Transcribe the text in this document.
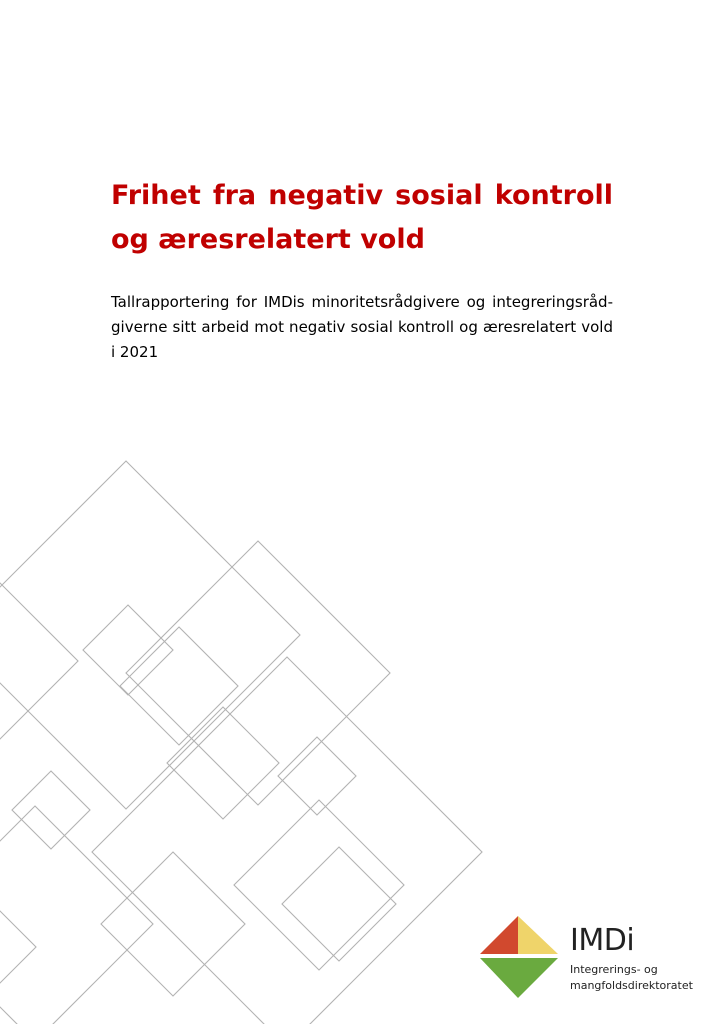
Frihet fra negativ sosial kontroll og æresrelatert vold

Tallrapportering for IMDis minoritetsrådgivere og integreringsråd-giverne sitt arbeid mot negativ sosial kontroll og æresrelatert vold i 2021

IMDi

Integrerings- og
mangfoldsdirektoratet
